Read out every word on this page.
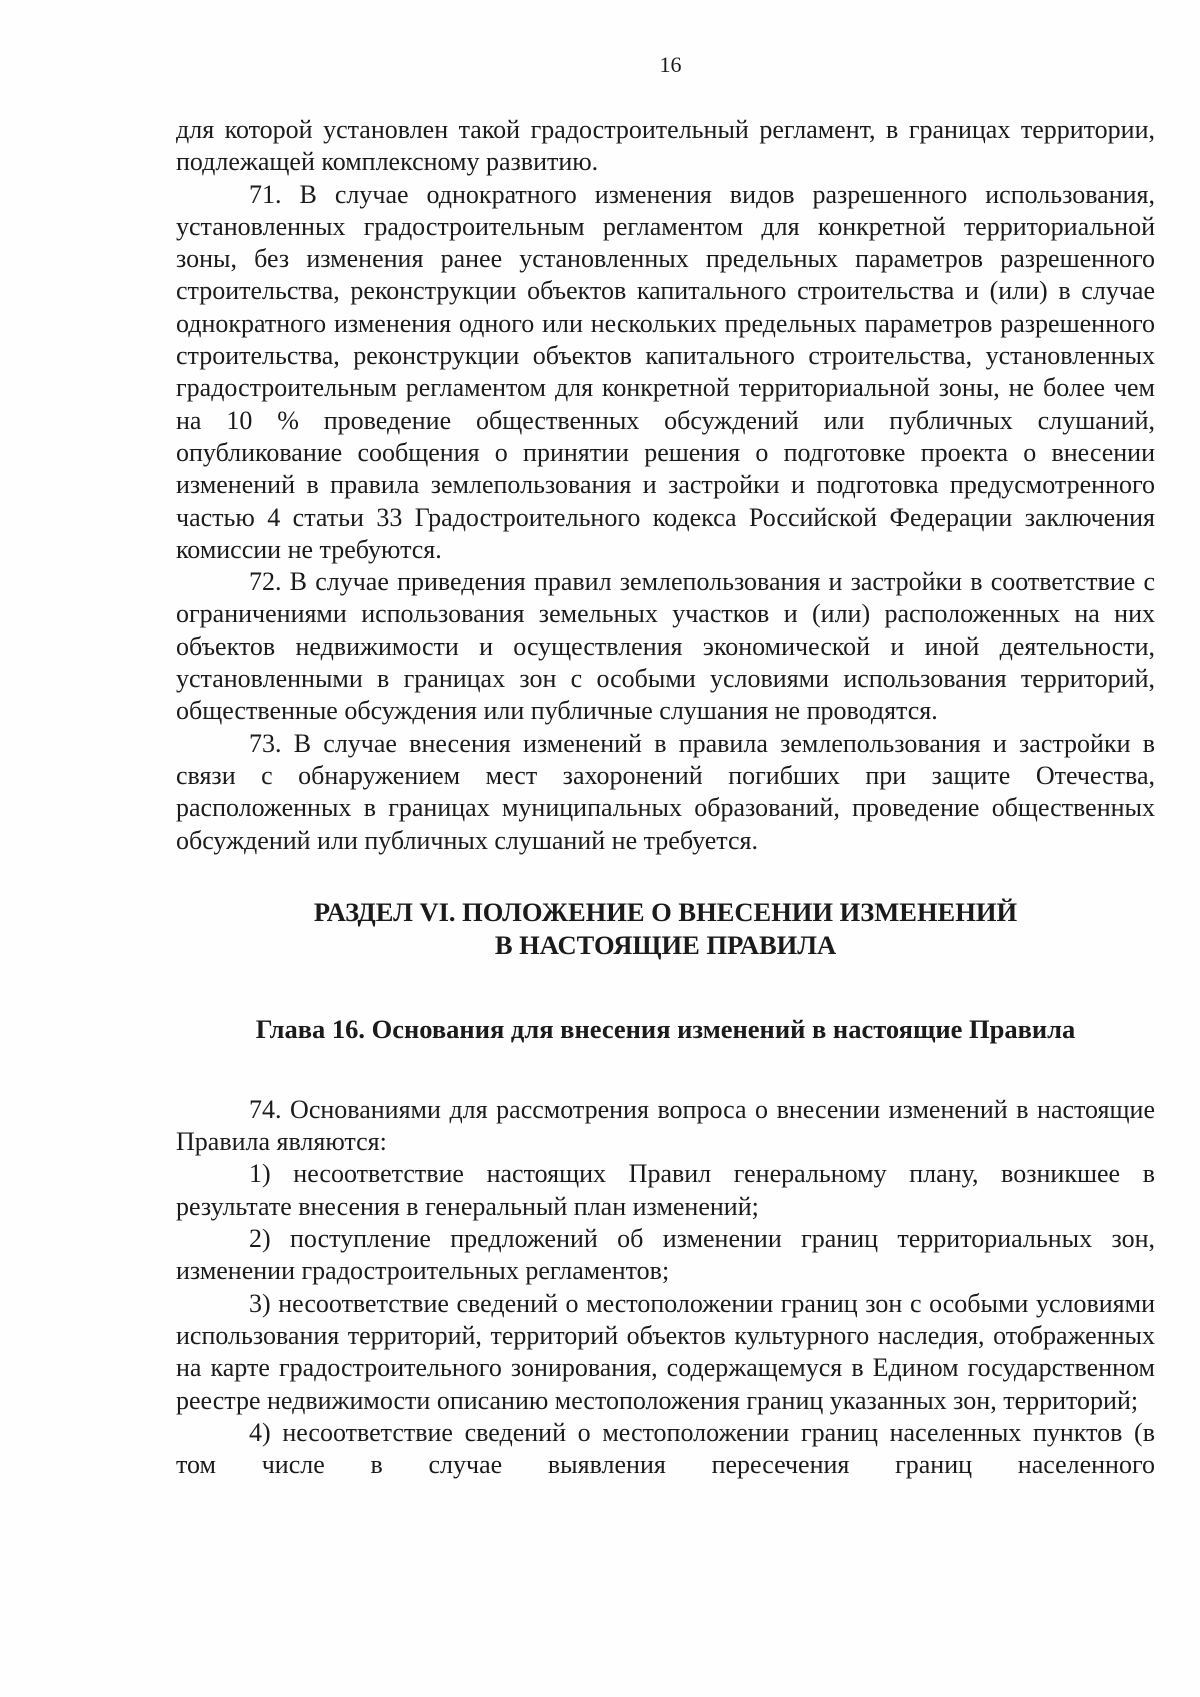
16

для которой установлен такой градостроительный регламент, в границах территории, подлежащей комплексному развитию.

71. В случае однократного изменения видов разрешенного использования, установленных градостроительным регламентом для конкретной территориальной зоны, без изменения ранее установленных предельных параметров разрешенного строительства, реконструкции объектов капитального строительства и (или) в случае однократного изменения одного или нескольких предельных параметров разрешенного строительства, реконструкции объектов капитального строительства, установленных градостроительным регламентом для конкретной территориальной зоны, не более чем на 10 % проведение общественных обсуждений или публичных слушаний, опубликование сообщения о принятии решения о подготовке проекта о внесении изменений в правила землепользования и застройки и подготовка предусмотренного частью 4 статьи 33 Градостроительного кодекса Российской Федерации заключения комиссии не требуются.

72. В случае приведения правил землепользования и застройки в соответствие с ограничениями использования земельных участков и (или) расположенных на них объектов недвижимости и осуществления экономической и иной деятельности, установленными в границах зон с особыми условиями использования территорий, общественные обсуждения или публичные слушания не проводятся.

73. В случае внесения изменений в правила землепользования и застройки в связи с обнаружением мест захоронений погибших при защите Отечества, расположенных в границах муниципальных образований, проведение общественных обсуждений или публичных слушаний не требуется.

РАЗДЕЛ VI. ПОЛОЖЕНИЕ О ВНЕСЕНИИ ИЗМЕНЕНИЙ
В НАСТОЯЩИЕ ПРАВИЛА
Глава 16. Основания для внесения изменений в настоящие Правила

74. Основаниями для рассмотрения вопроса о внесении изменений в настоящие Правила являются:

1) несоответствие настоящих Правил генеральному плану, возникшее в результате внесения в генеральный план изменений;

2) поступление предложений об изменении границ территориальных зон, изменении градостроительных регламентов;

3) несоответствие сведений о местоположении границ зон с особыми условиями использования территорий, территорий объектов культурного наследия, отображенных на карте градостроительного зонирования, содержащемуся в Едином государственном реестре недвижимости описанию местоположения границ указанных зон, территорий;

4) несоответствие сведений о местоположении границ населенных пунктов (в том числе в случае выявления пересечения границ населенного
